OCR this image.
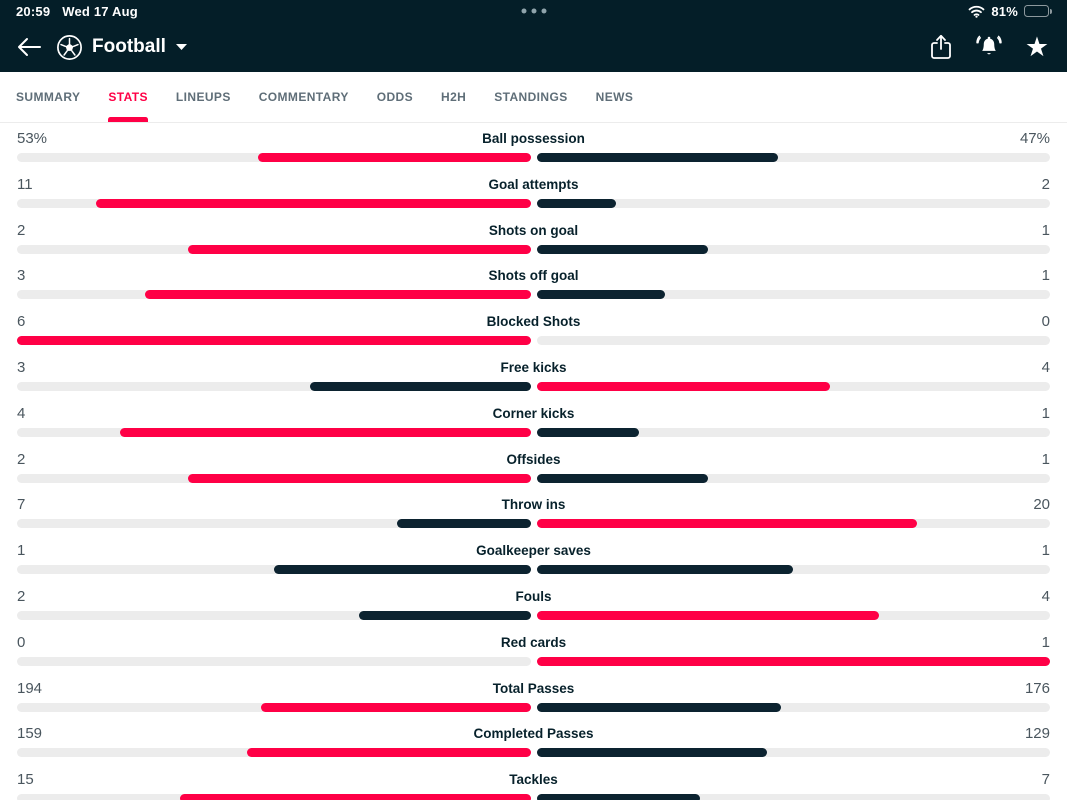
20:59 Wed 17 Aug	81%
Football	★
SUMMARY STATS LINEUPS COMMENTARY ODDS H2H STANDINGS NEWS
53%	Ball possession	47%
11	Goal attempts	2
2	Shots on goal	1
3	Shots off goal	1
6	Blocked Shots	0
3	Free kicks	4
4	Corner kicks	1
2	Offsides	1
7	Throw ins	20
1	Goalkeeper saves	1
2	Fouls	4
0	Red cards	1
194	Total Passes	176
159	Completed Passes	129
15	Tackles	7
